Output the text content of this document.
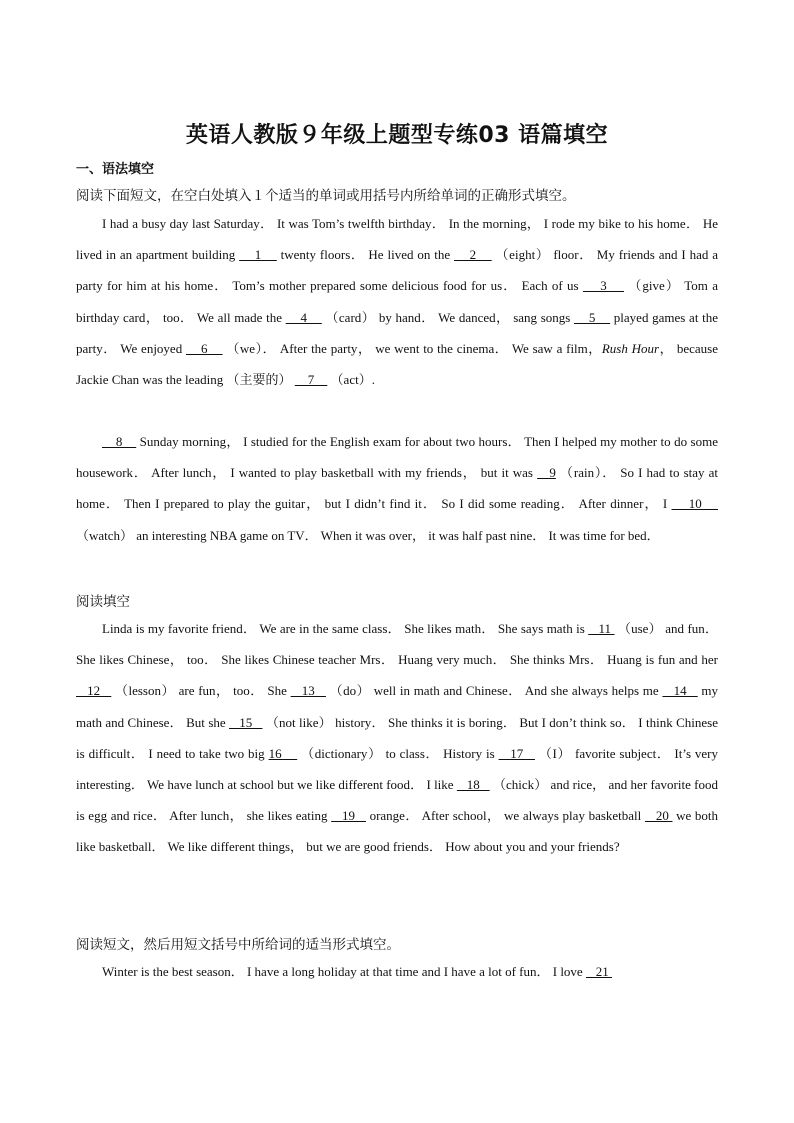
英语人教版９年级上题型专练03 语篇填空
一、语法填空
阅读下面短文，在空白处填入１个适当的单词或用括号内所给单词的正确形式填空。
I had a busy day last Saturday． It was Tom’s twelfth birthday． In the morning， I rode my bike to his home． He lived in an apartment building     1     twenty floors． He lived on the     2     （eight） floor． My friends and I had a party for him at his home． Tom’s mother prepared some delicious food for us． Each of us     3     （give） Tom a birthday card， too． We all made the     4     （card） by hand． We danced， sang songs     5     played games at the party． We enjoyed     6     （we）． After the party， we went to the cinema． We saw a film，Rush Hour， because Jackie Chan was the leading （主要的）     7     （act）.
8     Sunday morning， I studied for the English exam for about two hours． Then I helped my mother to do some housework． After lunch， I wanted to play basketball with my friends， but it was    9 （rain）． So I had to stay at home． Then I prepared to play the guitar， but I didn’t find it． So I did some reading． After dinner， I     10     （watch） an interesting NBA game on TV． When it was over， it was half past nine． It was time for bed．
阅读填空
Linda is my favorite friend． We are in the same class． She likes math． She says math is    11  （use） and fun． She likes Chinese， too． She likes Chinese teacher Mrs． Huang very much． She thinks Mrs． Huang is fun and her    12    （lesson） are fun， too． She    13    （do） well in math and Chinese． And she always helps me    14    my math and Chinese． But she    15    （not like） history． She thinks it is boring． But I don’t think so． I think Chinese is difficult． I need to take two big 16     （dictionary） to class． History is    17    （I） favorite subject． It’s very interesting． We have lunch at school but we like different food． I like    18    （chick） and rice， and her favorite food is egg and rice． After lunch， she likes eating    19    orange． After school， we always play basketball    20  we both like basketball． We like different things， but we are good friends． How about you and your friends?
阅读短文，然后用短文括号中所给词的适当形式填空。
Winter is the best season． I have a long holiday at that time and I have a lot of fun． I love    21
